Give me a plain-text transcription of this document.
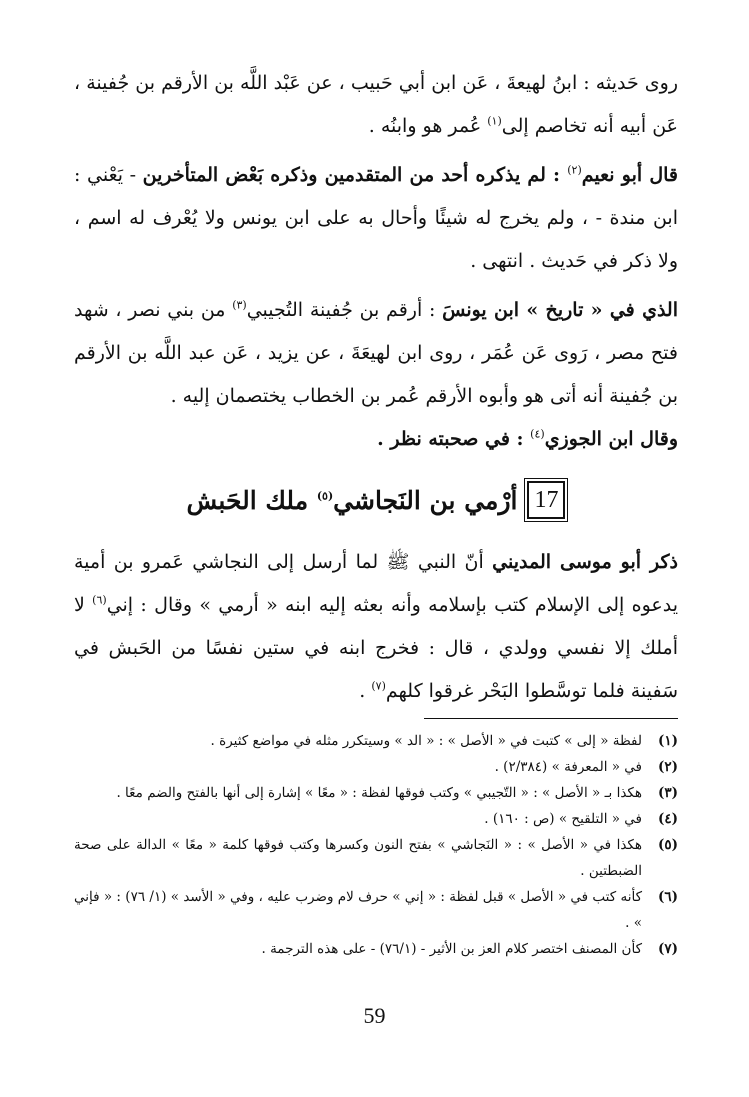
روى حَديثه : ابنُ لهيعةَ ، عَن ابن أبي حَبيب ، عن عَبْد اللَّه بن الأرقم بن جُفينة ، عَن أبيه أنه تخاصم إلى$^{(١)}$ عُمر هو وابنُه .

قال أبو نعيم$^{(٢)}$ : لم يذكره أحد من المتقدمين وذكره بَعْض المتأخرين - يَعْني : ابن مندة - ، ولم يخرج له شيئًا وأحال به على ابن يونس ولا يُعْرف له اسم ، ولا ذكر في حَديث . انتهى .

الذي في « تاريخ » ابن يونسَ : أرقم بن جُفينة التُجيبي$^{(٣)}$ من بني نصر ، شهد فتح مصر ، رَوى عَن عُمَر ، روى ابن لهيعَةَ ، عن يزيد ، عَن عبد اللَّه بن الأرقم بن جُفينة أنه أتى هو وأبوه الأرقم عُمر بن الخطاب يختصمان إليه .

وقال ابن الجوزي$^{(٤)}$ : في صحبته نظر .

17
أرْمي بن النَجاشي$^{(٥)}$ ملك الحَبش

ذكر أبو موسى المديني أنّ النبي ﷺ لما أرسل إلى النجاشي عَمرو بن أمية يدعوه إلى الإسلام كتب بإسلامه وأنه بعثه إليه ابنه « أرمي » وقال : إني$^{(٦)}$ لا أملك إلا نفسي وولدي ، قال : فخرج ابنه في ستين نفسًا من الحَبش في سَفينة فلما توسَّطوا البَحْر غرقوا كلهم$^{(٧)}$ .

(١)
لفظة « إلى » كتبت في « الأصل » : « الد » وسيتكرر مثله في مواضع كثيرة .
(٢)
في « المعرفة » (٢/٣٨٤) .
(٣)
هكذا بـ « الأصل » : « التّجيبي » وكتب فوقها لفظة : « معًا » إشارة إلى أنها بالفتح والضم معًا .
(٤)
في « التلقيح » (ص : ١٦٠) .
(٥)
هكذا في « الأصل » : « النَجاشي » بفتح النون وكسرها وكتب فوقها كلمة « معًا » الدالة على صحة الضبطتين .
(٦)
كأنه كتب في « الأصل » قبل لفظة : « إني » حرف لام وضرب عليه ، وفي « الأسد » (١/ ٧٦) : « فإني » .
(٧)
كأن المصنف اختصر كلام العز بن الأثير - (٧٦/١) - على هذه الترجمة .
59
